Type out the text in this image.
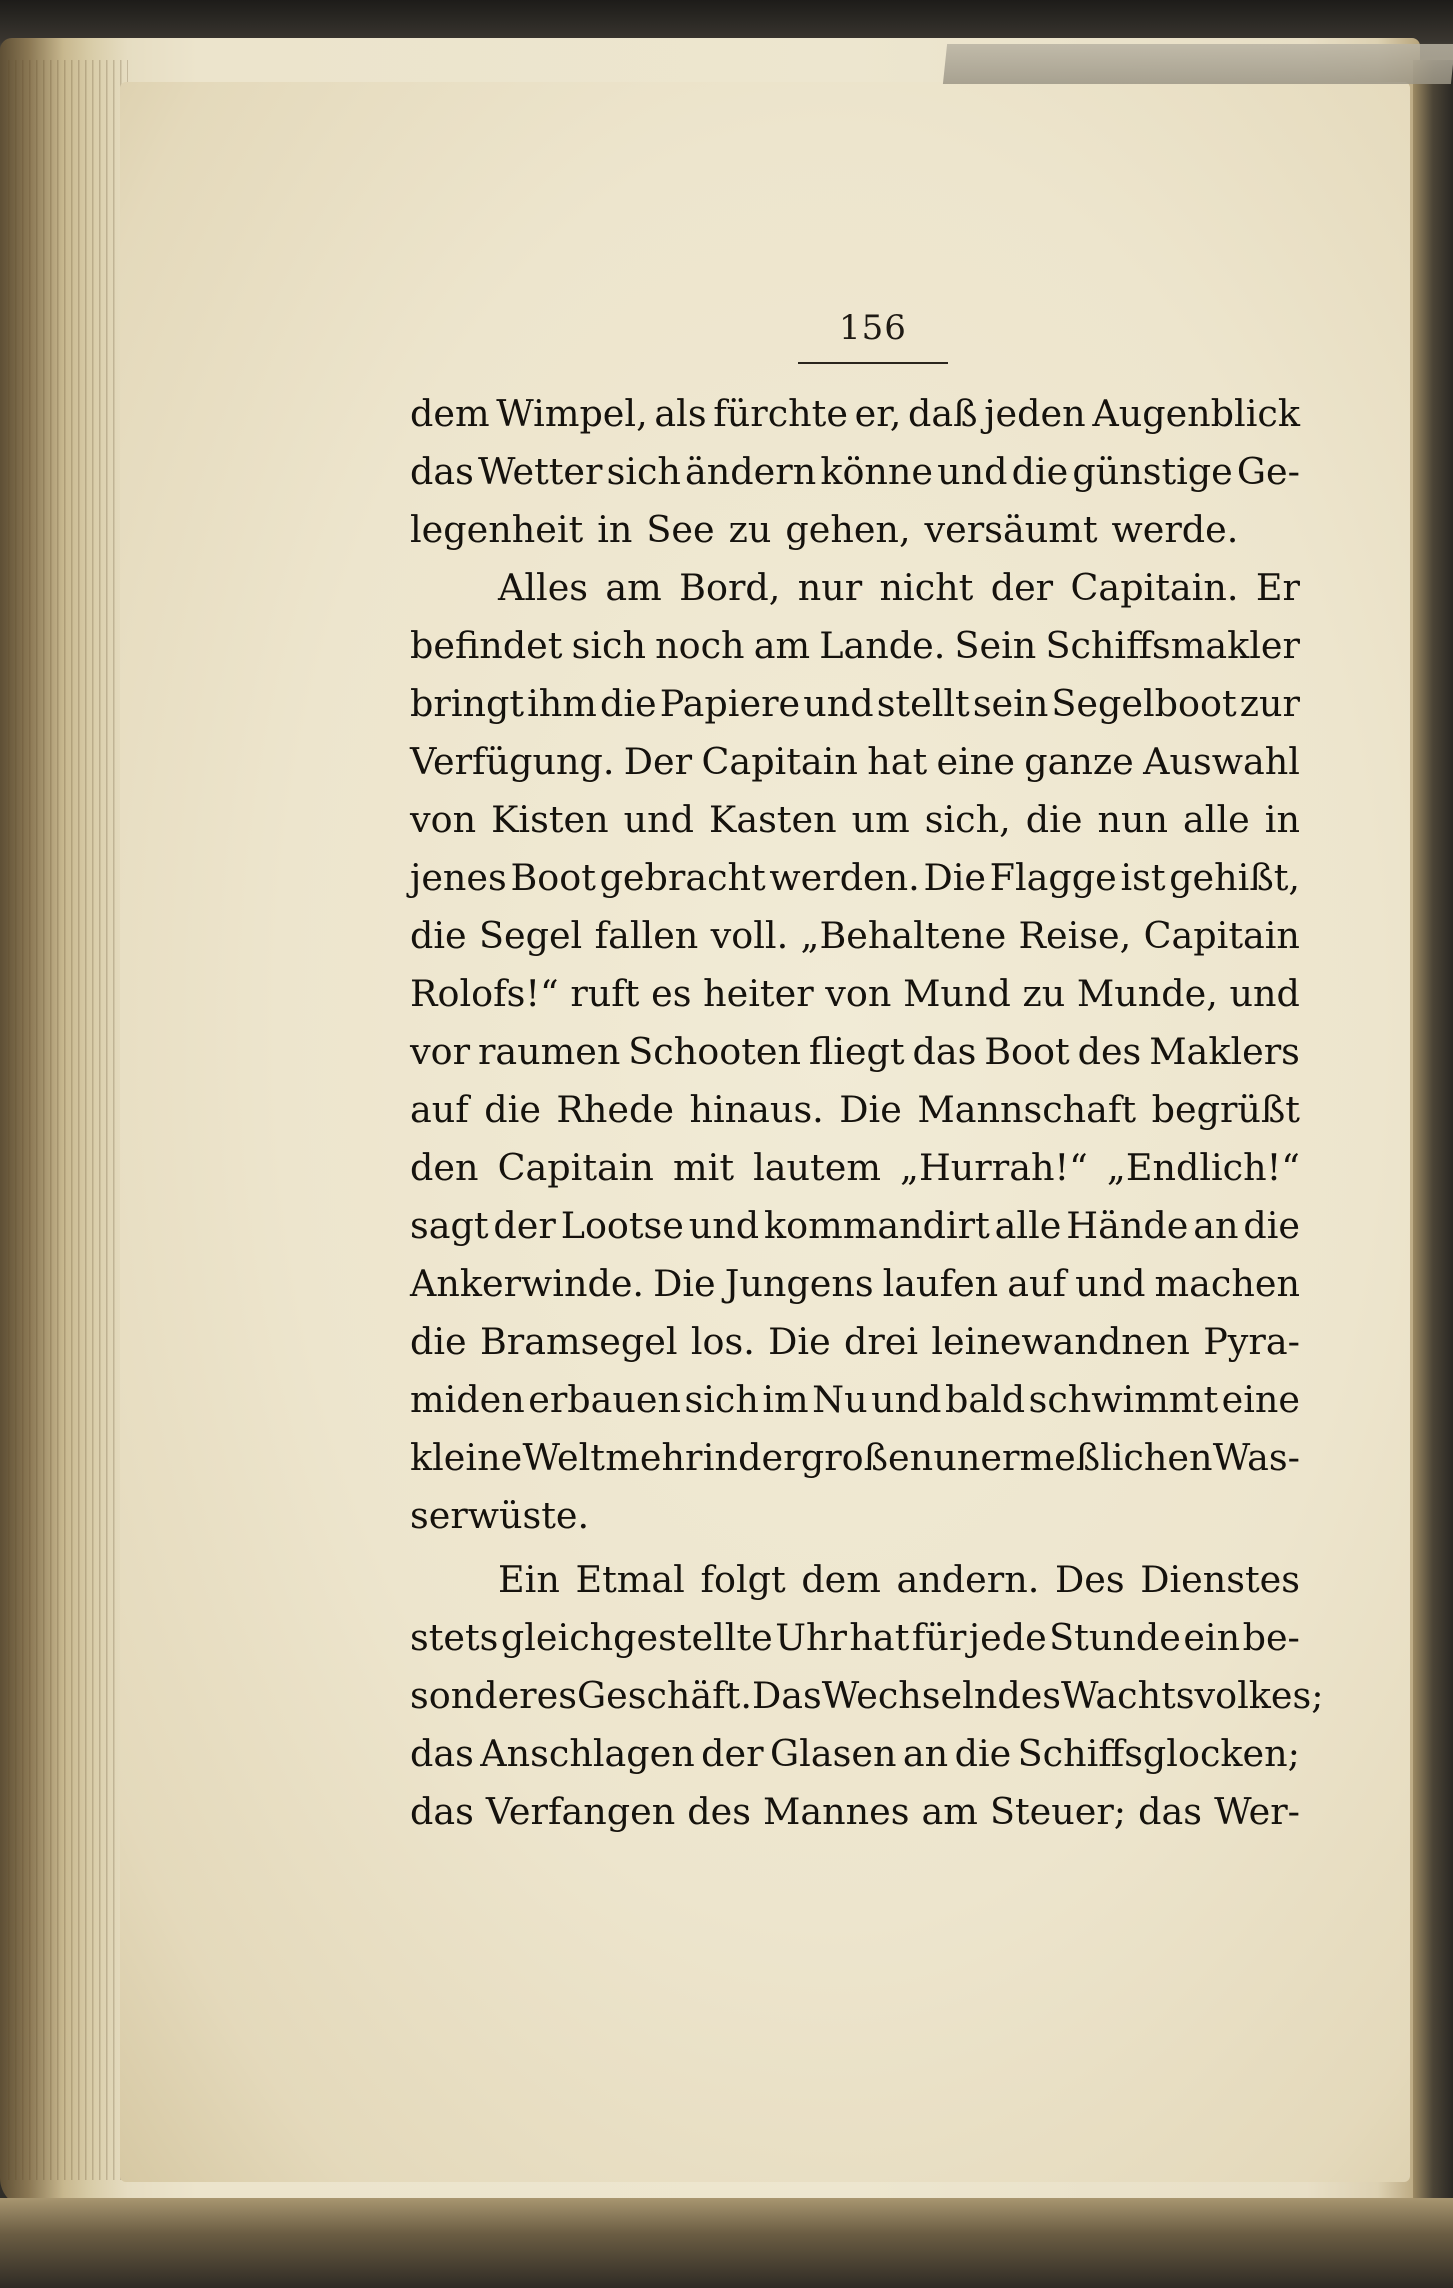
156
dem Wimpel, als fürchte er, daß jeden Augenblick
das Wetter sich ändern könne und die günstige Ge-
legenheit in See zu gehen, versäumt werde.
Alles am Bord, nur nicht der Capitain. Er
befindet sich noch am Lande. Sein Schiffsmakler
bringt ihm die Papiere und stellt sein Segelboot zur
Verfügung. Der Capitain hat eine ganze Auswahl
von Kisten und Kasten um sich, die nun alle in
jenes Boot gebracht werden. Die Flagge ist gehißt,
die Segel fallen voll. „Behaltene Reise, Capitain
Rolofs!“ ruft es heiter von Mund zu Munde, und
vor raumen Schooten fliegt das Boot des Maklers
auf die Rhede hinaus. Die Mannschaft begrüßt
den Capitain mit lautem „Hurrah!“ „Endlich!“
sagt der Lootse und kommandirt alle Hände an die
Ankerwinde. Die Jungens laufen auf und machen
die Bramsegel los. Die drei leinewandnen Pyra-
miden erbauen sich im Nu und bald schwimmt eine
kleine Welt mehr in der großen unermeßlichen Was-
serwüste.
Ein Etmal folgt dem andern. Des Dienstes
stets gleichgestellte Uhr hat für jede Stunde ein be-
sonderes Geschäft. Das Wechseln des Wachtsvolkes;
das Anschlagen der Glasen an die Schiffsglocken;
das Verfangen des Mannes am Steuer; das Wer-
